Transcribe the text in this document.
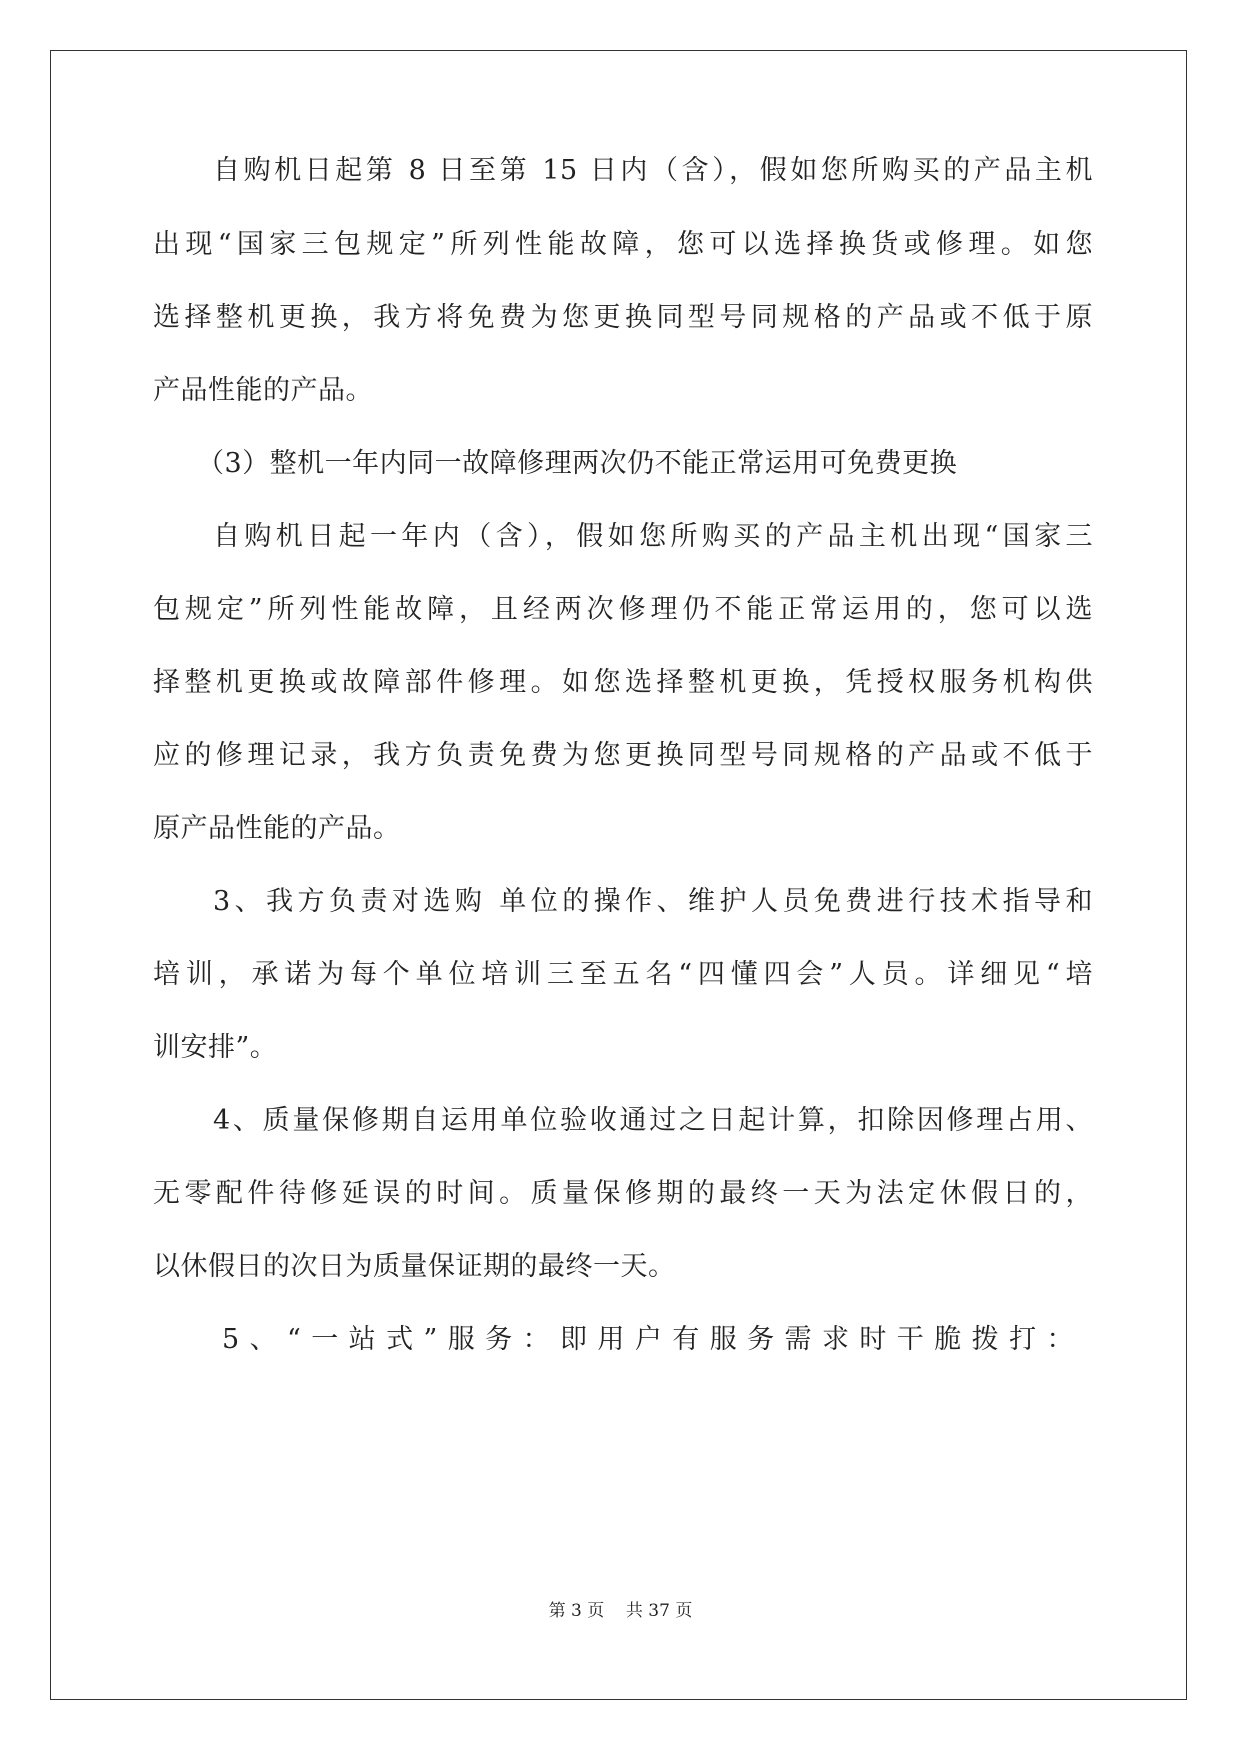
自购机日起第 8 日至第 15 日内（含），假如您所购买的产品主机
出现“国家三包规定”所列性能故障，您可以选择换货或修理。如您
选择整机更换，我方将免费为您更换同型号同规格的产品或不低于原
产品性能的产品。
（3）整机一年内同一故障修理两次仍不能正常运用可免费更换
自购机日起一年内（含），假如您所购买的产品主机出现“国家三
包规定”所列性能故障，且经两次修理仍不能正常运用的，您可以选
择整机更换或故障部件修理。如您选择整机更换，凭授权服务机构供
应的修理记录，我方负责免费为您更换同型号同规格的产品或不低于
原产品性能的产品。
3、我方负责对选购 单位的操作、维护人员免费进行技术指导和
培训，承诺为每个单位培训三至五名“四懂四会”人员。详细见“培
训安排”。
4、质量保修期自运用单位验收通过之日起计算，扣除因修理占用、
无零配件待修延误的时间。质量保修期的最终一天为法定休假日的，
以休假日的次日为质量保证期的最终一天。
5、“一站式”服务：即用户有服务需求时干脆拨打：
第 3 页 共 37 页
